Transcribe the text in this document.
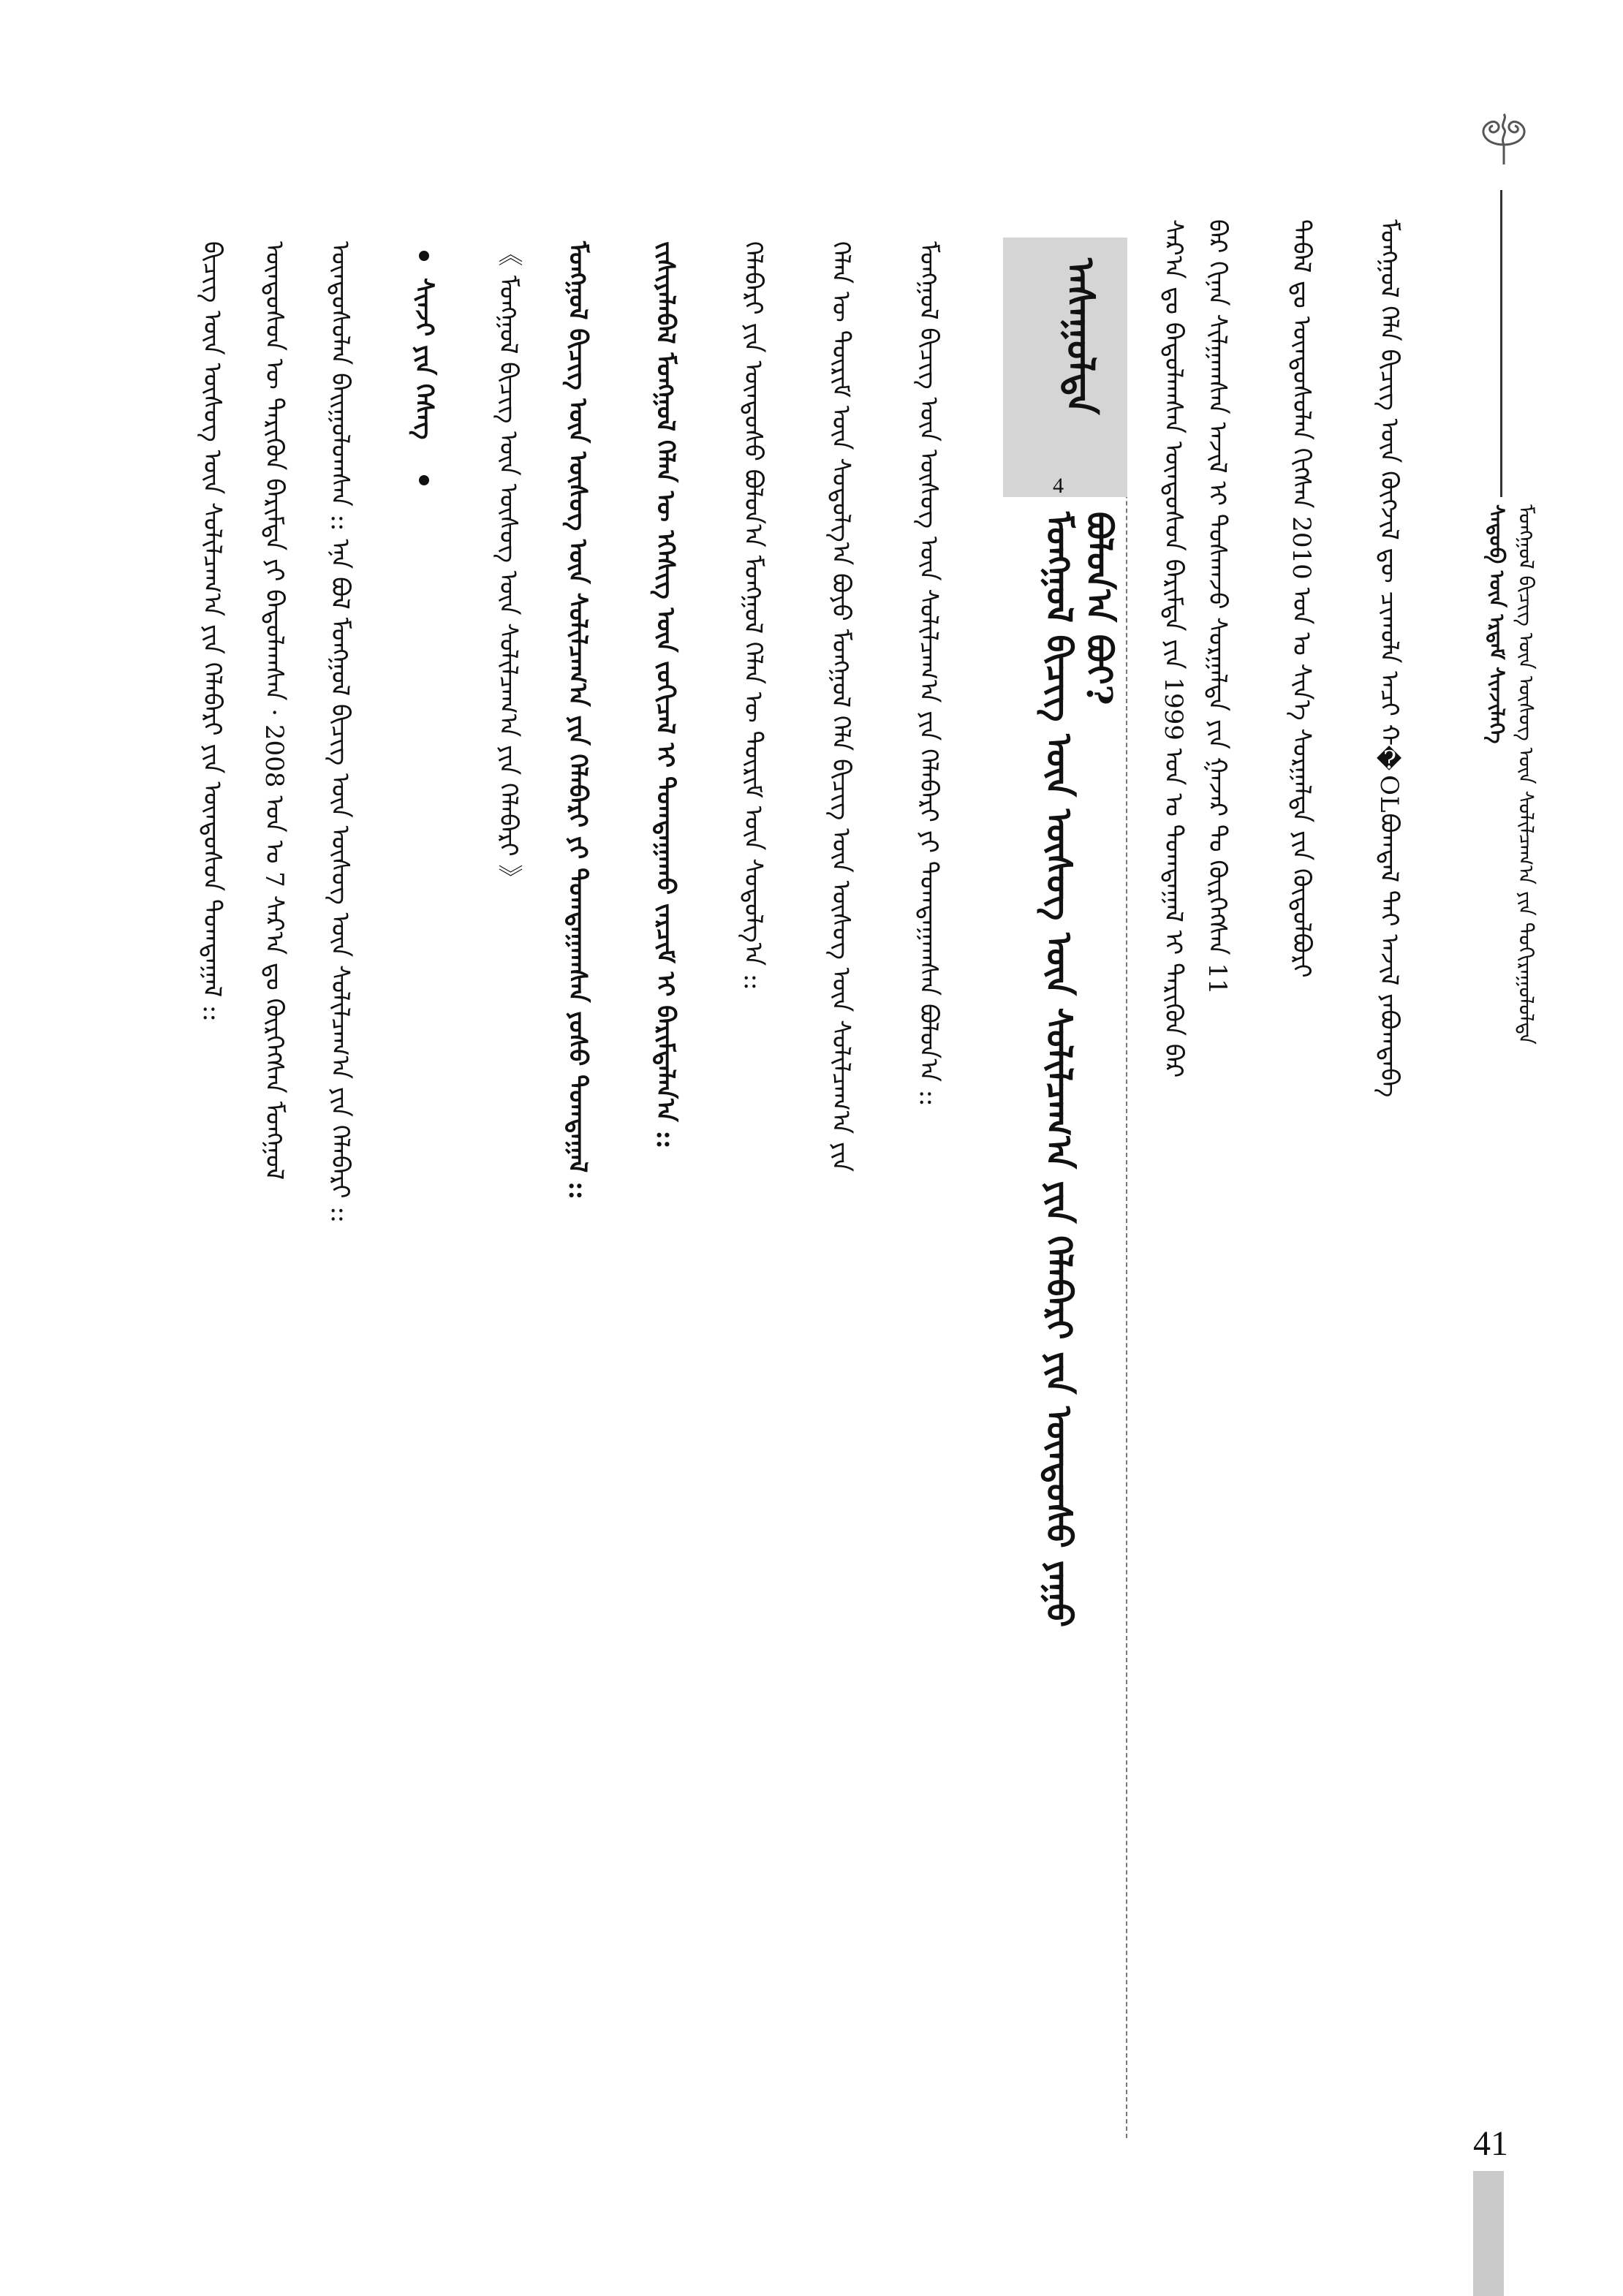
ᠰᠡᠳᠦᠪ ᠦᠨ ᠡᠷᠳᠡᠮ ᠰᠢᠨᠵᠢᠯᠡᠭᠡ ᠮᠣᠩᠭᠣᠯ ᠪᠢᠴᠢᠭ ᠦᠨ ᠦᠰᠦᠭ ᠦᠨ ᠰᠣᠯᠢᠯᠴᠠᠭ᠎ᠠ ᠶᠢᠨ ᠲᠣᠬᠢᠷᠠᠭᠤᠯᠤᠯᠲᠠ
ᠮᠣᠩᠭᠣᠯ ᠬᠡᠯᠡ ᠪᠢᠴᠢᠭ ᠦᠨ ᠬᠥᠭᠵᠢᠯ ᠳᠦ ᠴᠢᠬᠤᠯᠠ ᠠᠴᠢ ᠬ�OLᠪᠣᠭᠳᠠᠯ ᠲᠠᠢ ᠠᠵᠢᠯ ᠶᠠᠪᠤᠭᠳᠠᠪᠠ
ᠲᠠᠪᠠᠯ ᠳᠤ ᠦᠨᠳᠦᠰᠦᠯᠡᠨ ᠬᠢᠭᠰᠡᠨ 2010 ᠣᠨ ᠤ ᠰᠢᠨ᠎ᠡ ᠰᠤᠷᠭᠠᠯᠲᠠ ᠶᠢᠨ ᠬᠥᠲᠥᠯᠪᠦᠷᠢ
ᠪᠡᠷ ᠬᠢᠨᠠᠨ ᠰᠢᠯᠭᠠᠭᠰᠠᠨ ᠠᠵᠢᠯ ᠢ ᠳᠤᠰᠬᠠᠵᠤ ᠰᠤᠷᠭᠠᠯᠲᠠ ᠶᠢᠨ ᠭᠠᠵᠠᠷ ᠲᠤ ᠬᠦᠷᠭᠡᠭᠰᠡᠨ 11
ᠰᠠᠷ᠎ᠠ ᠳᠤ ᠪᠠᠲᠤᠯᠠᠭᠰᠠᠨ ᠦᠨᠳᠦᠰᠦᠨ ᠪᠠᠷᠢᠮᠲᠠ ᠶᠢᠨ 1999 ᠣᠨ ᠤ ᠲᠣᠭᠲᠠᠭᠠᠯ ᠢ ᠲᠡᠷᠢᠭᠦᠨ ᠪᠡᠷ
ᠠᠰᠠᠭᠤᠯᠲᠠ
4
ᠮᠣᠩᠭᠣᠯ ᠪᠢᠴᠢᠭ ᠦᠨ ᠦᠰᠦᠭ ᠦᠨ ᠰᠣᠯᠢᠯᠴᠠᠭ᠎ᠠ ᠶᠢᠨ ᠬᠡᠯᠡᠪᠡᠷᠢ ᠶᠢᠨ ᠦᠨᠳᠦᠰᠦ ᠶᠠᠭᠤ ᠪᠣᠯᠤᠨ᠎ᠠ ᠪᠤᠢ?
ᠮᠣᠩᠭᠣᠯ ᠪᠢᠴᠢᠭ ᠦᠨ ᠦᠰᠦᠭ ᠦᠨ ᠰᠣᠯᠢᠯᠴᠠᠭ᠎ᠠ ᠶᠢᠨ ᠬᠡᠯᠡᠪᠡᠷᠢ ᠶᠢ ᠲᠣᠭᠲᠠᠭᠠᠭᠰᠠᠨ ᠪᠣᠯᠤᠨ᠎ᠠ ::
ᠬᠡᠯᠡᠨ ᠦ ᠳᠦᠷᠢᠮ ᠦᠨ ᠰᠤᠳᠤᠯᠭ᠎ᠠ ᠪᠤᠶᠤ ᠮᠣᠩᠭᠣᠯ ᠬᠡᠯᠡ ᠪᠢᠴᠢᠭ ᠦᠨ ᠦᠰᠦᠭ ᠦᠨ ᠰᠣᠯᠢᠯᠴᠠᠭ᠎ᠠ ᠶᠢᠨ
ᠬᠡᠯᠡᠪᠡᠷᠢ ᠶᠢᠨ ᠦᠨᠳᠦᠰᠦ ᠪᠣᠯᠤᠨ᠎ᠠ ᠮᠣᠩᠭᠣᠯ ᠬᠡᠯᠡᠨ ᠦ ᠳᠦᠷᠢᠮ ᠦᠨ ᠰᠤᠳᠤᠯᠭ᠎ᠠ ::
ᠵᠢᠱᠢᠶᠡᠯᠡᠪᠡᠯ ᠮᠣᠩᠭᠣᠯ ᠬᠡᠯᠡᠨ ᠦ ᠡᠭᠡᠰᠢᠭ ᠦᠨ ᠵᠣᠬᠢᠴᠠᠯ ᠢ ᠲᠣᠭᠲᠠᠭᠠᠬᠤ ᠵᠠᠷᠴᠢᠮ ᠢ ᠪᠠᠷᠢᠮᠲᠠᠯᠠᠨ᠎ᠠ ::
ᠮᠣᠩᠭᠣᠯ ᠪᠢᠴᠢᠭ ᠦᠨ ᠦᠰᠦᠭ ᠦᠨ ᠰᠣᠯᠢᠯᠴᠠᠭ᠎ᠠ ᠶᠢᠨ ᠬᠡᠯᠡᠪᠡᠷᠢ ᠶᠢ ᠲᠣᠭᠲᠠᠭᠠᠭᠰᠠᠨ ᠶᠤᠰᠤ ᠲᠣᠭᠲᠠᠭᠠᠯ ::
《 ᠮᠣᠩᠭᠣᠯ ᠪᠢᠴᠢᠭ ᠦᠨ ᠦᠰᠦᠭ ᠦᠨ ᠰᠣᠯᠢᠯᠴᠠᠭ᠎ᠠ ᠶᠢᠨ ᠬᠡᠯᠡᠪᠡᠷᠢ 》
ᠰᠢᠨᠵᠢ ᠶᠢᠨ ᠬᠡᠰᠡᠭ
ᠦᠨᠳᠦᠰᠦᠯᠡᠨ ᠪᠠᠢᠭᠤᠯᠤᠭᠰᠠᠨ :: ᠡᠨᠡ ᠪᠣᠯ ᠮᠣᠩᠭᠣᠯ ᠪᠢᠴᠢᠭ ᠦᠨ ᠦᠰᠦᠭ ᠦᠨ ᠰᠣᠯᠢᠯᠴᠠᠭ᠎ᠠ ᠶᠢᠨ ᠬᠡᠯᠡᠪᠡᠷᠢ ::
ᠦᠨᠳᠦᠰᠦᠨ ᠦ ᠲᠡᠷᠢᠭᠦᠨ ᠪᠠᠷᠢᠮᠲᠠ ᠶᠢ ᠪᠠᠲᠤᠯᠠᠭᠰᠠᠨ · 2008 ᠣᠨ ᠤ 7 ᠰᠠᠷ᠎ᠠ ᠳᠤ ᠬᠦᠷᠭᠡᠭᠰᠡᠨ ᠮᠣᠩᠭᠣᠯ
ᠪᠢᠴᠢᠭ ᠦᠨ ᠦᠰᠦᠭ ᠦᠨ ᠰᠣᠯᠢᠯᠴᠠᠭ᠎ᠠ ᠶᠢᠨ ᠬᠡᠯᠡᠪᠡᠷᠢ ᠶᠢᠨ ᠦᠨᠳᠦᠰᠦᠨ ᠲᠣᠭᠲᠠᠭᠠᠯ ::
41
